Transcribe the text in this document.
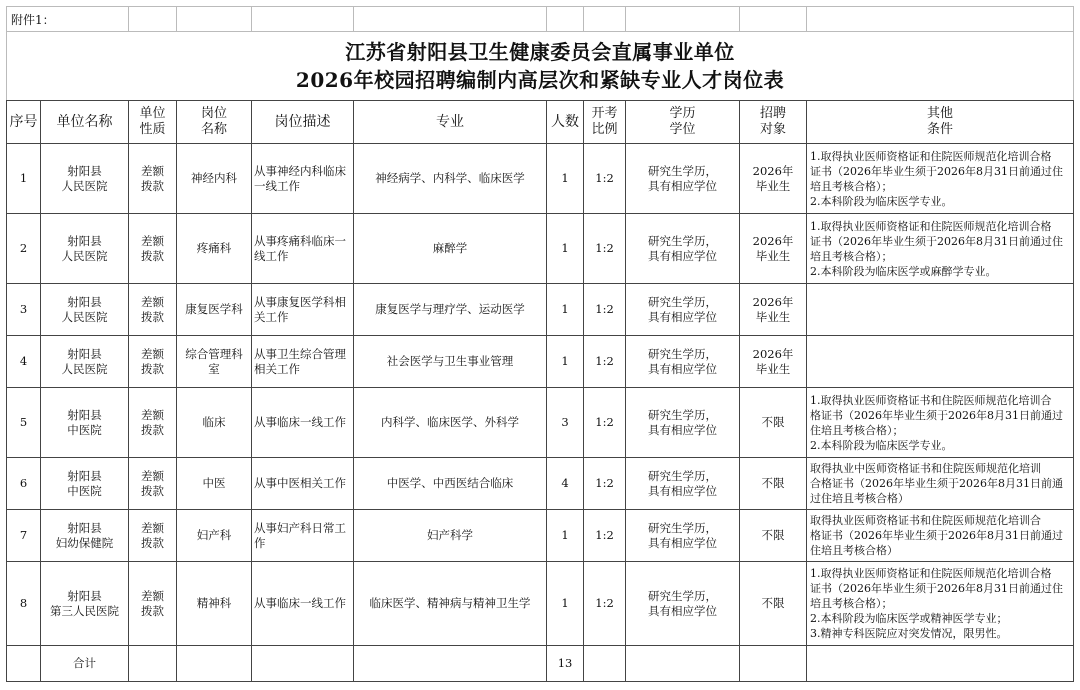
附件1：										

江苏省射阳县卫生健康委员会直属事业单位
2026年校园招聘编制内高层次和紧缺专业人才岗位表										

序号	单位名称	单位
性质	岗位
名称	岗位描述	专业	人数	开考
比例	学历
学位	招聘
对象	其他
条件

1	射阳县
人民医院	差额
拨款	神经内科	从事神经内科临床
一线工作	神经病学、内科学、临床医学	1	1:2	研究生学历，
具有相应学位	2026年
毕业生	1.取得执业医师资格证和住院医师规范化培训合格
证书（2026年毕业生须于2026年8月31日前通过住
培且考核合格）；
2.本科阶段为临床医学专业。

2	射阳县
人民医院	差额
拨款	疼痛科	从事疼痛科临床一
线工作	麻醉学	1	1:2	研究生学历，
具有相应学位	2026年
毕业生	1.取得执业医师资格证和住院医师规范化培训合格
证书（2026年毕业生须于2026年8月31日前通过住
培且考核合格）；
2.本科阶段为临床医学或麻醉学专业。

3	射阳县
人民医院	差额
拨款	康复医学科	从事康复医学科相
关工作	康复医学与理疗学、运动医学	1	1:2	研究生学历，
具有相应学位	2026年
毕业生	

4	射阳县
人民医院	差额
拨款	综合管理科
室	从事卫生综合管理
相关工作	社会医学与卫生事业管理	1	1:2	研究生学历，
具有相应学位	2026年
毕业生	

5	射阳县
中医院	差额
拨款	临床	从事临床一线工作	内科学、临床医学、外科学	3	1:2	研究生学历，
具有相应学位	不限	1.取得执业医师资格证书和住院医师规范化培训合
格证书（2026年毕业生须于2026年8月31日前通过
住培且考核合格）；
2.本科阶段为临床医学专业。

6	射阳县
中医院	差额
拨款	中医	从事中医相关工作	中医学、中西医结合临床	4	1:2	研究生学历，
具有相应学位	不限	取得执业中医师资格证书和住院医师规范化培训
合格证书（2026年毕业生须于2026年8月31日前通
过住培且考核合格）

7	射阳县
妇幼保健院	差额
拨款	妇产科	从事妇产科日常工
作	妇产科学	1	1:2	研究生学历，
具有相应学位	不限	取得执业医师资格证书和住院医师规范化培训合
格证书（2026年毕业生须于2026年8月31日前通过
住培且考核合格）

8	射阳县
第三人民医院	差额
拨款	精神科	从事临床一线工作	临床医学、精神病与精神卫生学	1	1:2	研究生学历，
具有相应学位	不限	1.取得执业医师资格证和住院医师规范化培训合格
证书（2026年毕业生须于2026年8月31日前通过住
培且考核合格）；
2.本科阶段为临床医学或精神医学专业；
3.精神专科医院应对突发情况，限男性。

	合计					13				
